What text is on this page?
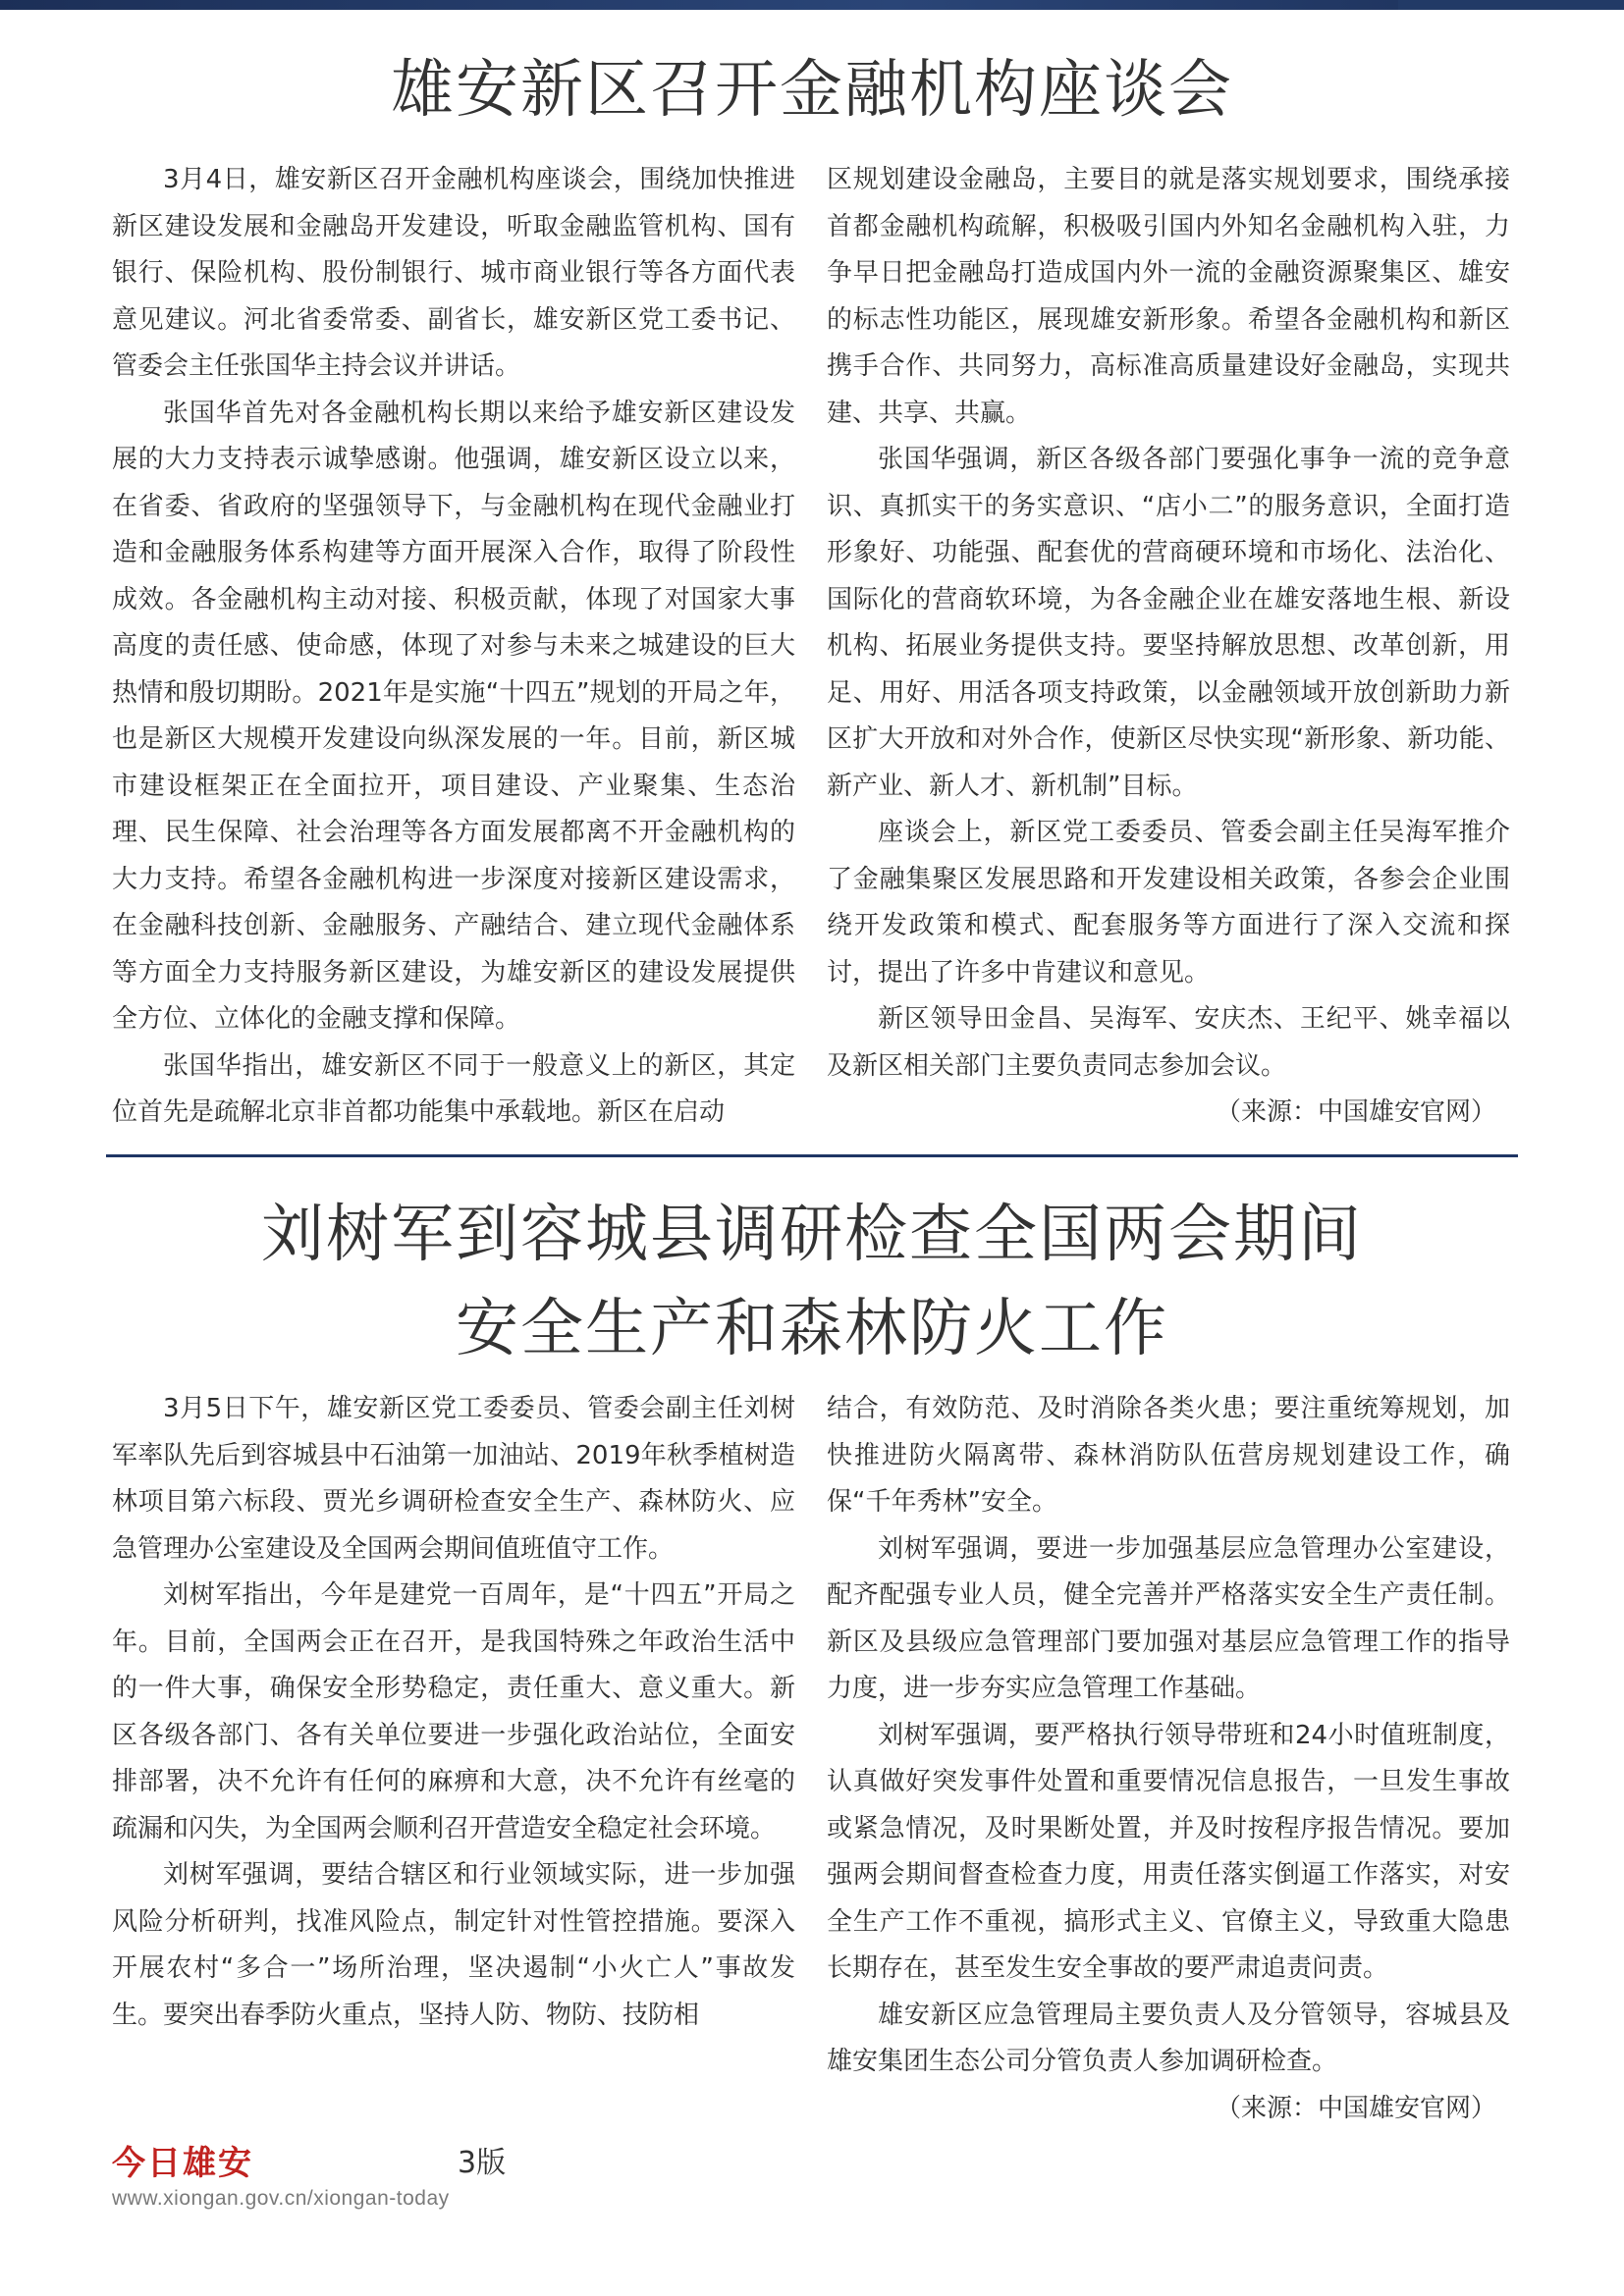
雄安新区召开金融机构座谈会

3月4日，雄安新区召开金融机构座谈会，围绕加快推进新区建设发展和金融岛开发建设，听取金融监管机构、国有银行、保险机构、股份制银行、城市商业银行等各方面代表意见建议。河北省委常委、副省长，雄安新区党工委书记、管委会主任张国华主持会议并讲话。

张国华首先对各金融机构长期以来给予雄安新区建设发展的大力支持表示诚挚感谢。他强调，雄安新区设立以来，在省委、省政府的坚强领导下，与金融机构在现代金融业打造和金融服务体系构建等方面开展深入合作，取得了阶段性成效。各金融机构主动对接、积极贡献，体现了对国家大事高度的责任感、使命感，体现了对参与未来之城建设的巨大热情和殷切期盼。2021年是实施“十四五”规划的开局之年，也是新区大规模开发建设向纵深发展的一年。目前，新区城市建设框架正在全面拉开，项目建设、产业聚集、生态治理、民生保障、社会治理等各方面发展都离不开金融机构的大力支持。希望各金融机构进一步深度对接新区建设需求，在金融科技创新、金融服务、产融结合、建立现代金融体系等方面全力支持服务新区建设，为雄安新区的建设发展提供全方位、立体化的金融支撑和保障。

张国华指出，雄安新区不同于一般意义上的新区，其定位首先是疏解北京非首都功能集中承载地。新区在启动

区规划建设金融岛，主要目的就是落实规划要求，围绕承接首都金融机构疏解，积极吸引国内外知名金融机构入驻，力争早日把金融岛打造成国内外一流的金融资源聚集区、雄安的标志性功能区，展现雄安新形象。希望各金融机构和新区携手合作、共同努力，高标准高质量建设好金融岛，实现共建、共享、共赢。

张国华强调，新区各级各部门要强化事争一流的竞争意识、真抓实干的务实意识、“店小二”的服务意识，全面打造形象好、功能强、配套优的营商硬环境和市场化、法治化、国际化的营商软环境，为各金融企业在雄安落地生根、新设机构、拓展业务提供支持。要坚持解放思想、改革创新，用足、用好、用活各项支持政策，以金融领域开放创新助力新区扩大开放和对外合作，使新区尽快实现“新形象、新功能、新产业、新人才、新机制”目标。

座谈会上，新区党工委委员、管委会副主任吴海军推介了金融集聚区发展思路和开发建设相关政策，各参会企业围绕开发政策和模式、配套服务等方面进行了深入交流和探讨，提出了许多中肯建议和意见。

新区领导田金昌、吴海军、安庆杰、王纪平、姚幸福以及新区相关部门主要负责同志参加会议。

（来源：中国雄安官网）

刘树军到容城县调研检查全国两会期间
安全生产和森林防火工作

3月5日下午，雄安新区党工委委员、管委会副主任刘树军率队先后到容城县中石油第一加油站、2019年秋季植树造林项目第六标段、贾光乡调研检查安全生产、森林防火、应急管理办公室建设及全国两会期间值班值守工作。

刘树军指出，今年是建党一百周年，是“十四五”开局之年。目前，全国两会正在召开，是我国特殊之年政治生活中的一件大事，确保安全形势稳定，责任重大、意义重大。新区各级各部门、各有关单位要进一步强化政治站位，全面安排部署，决不允许有任何的麻痹和大意，决不允许有丝毫的疏漏和闪失，为全国两会顺利召开营造安全稳定社会环境。

刘树军强调，要结合辖区和行业领域实际，进一步加强风险分析研判，找准风险点，制定针对性管控措施。要深入开展农村“多合一”场所治理，坚决遏制“小火亡人”事故发生。要突出春季防火重点，坚持人防、物防、技防相

结合，有效防范、及时消除各类火患；要注重统筹规划，加快推进防火隔离带、森林消防队伍营房规划建设工作，确保“千年秀林”安全。

刘树军强调，要进一步加强基层应急管理办公室建设，配齐配强专业人员，健全完善并严格落实安全生产责任制。新区及县级应急管理部门要加强对基层应急管理工作的指导力度，进一步夯实应急管理工作基础。

刘树军强调，要严格执行领导带班和24小时值班制度，认真做好突发事件处置和重要情况信息报告，一旦发生事故或紧急情况，及时果断处置，并及时按程序报告情况。要加强两会期间督查检查力度，用责任落实倒逼工作落实，对安全生产工作不重视，搞形式主义、官僚主义，导致重大隐患长期存在，甚至发生安全事故的要严肃追责问责。

雄安新区应急管理局主要负责人及分管领导，容城县及雄安集团生态公司分管负责人参加调研检查。

（来源：中国雄安官网）

今日雄安	3版
www.xiongan.gov.cn/xiongan-today
